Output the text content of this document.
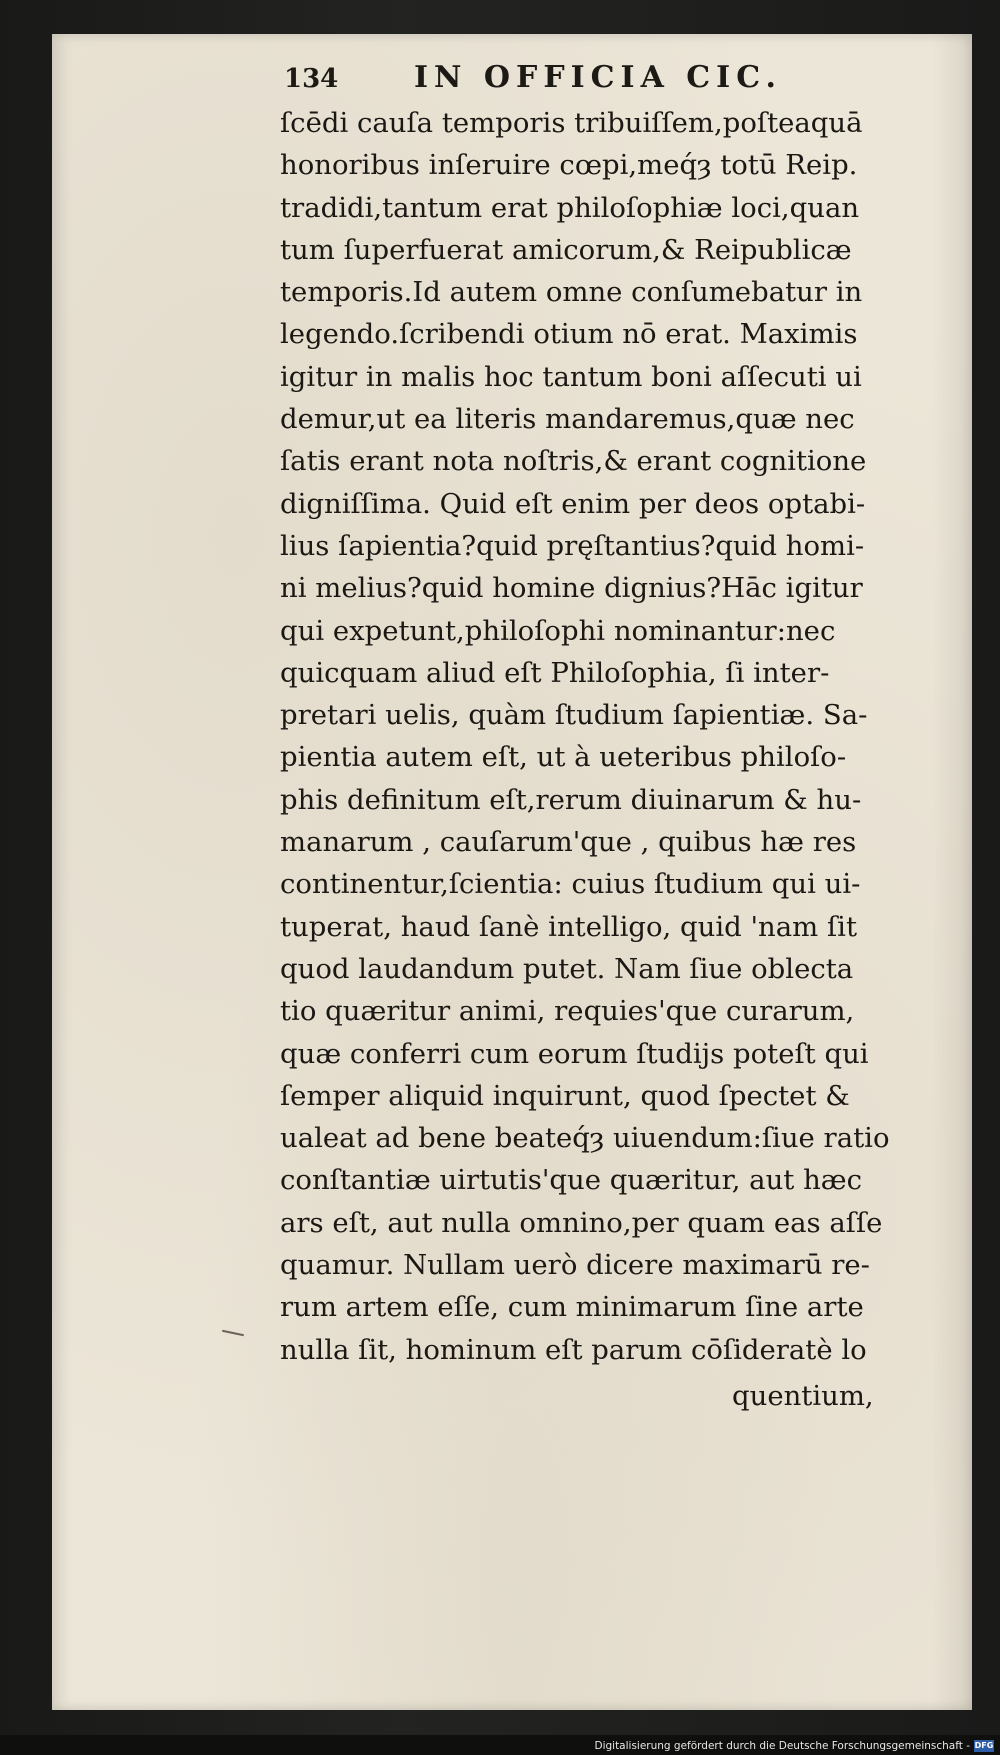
134	IN OFFICIA CIC.
ſcēdi cauſa temporis tribuiſſem,poſteaquā
honoribus inſeruire cœpi,meq́ȝ totū Reip.
tradidi,tantum erat philoſophiæ loci,quan
tum ſuperfuerat amicorum,& Reipublicæ
temporis.Id autem omne conſumebatur in
legendo.ſcribendi otium nō erat. Maximis
igitur in malis hoc tantum boni aſſecuti ui
demur,ut ea literis mandaremus,quæ nec
ſatis erant nota noſtris,& erant cognitione
digniſſima. Quid eſt enim per deos optabi-
lius ſapientia?quid pręſtantius?quid homi-
ni melius?quid homine dignius?Hāc igitur
qui expetunt,philoſophi nominantur:nec
quicquam aliud eſt Philoſophia, ſi inter-
pretari uelis, quàm ſtudium ſapientiæ. Sa-
pientia autem eſt, ut à ueteribus philoſo-
phis definitum eſt,rerum diuinarum & hu-
manarum , cauſarum'que , quibus hæ res
continentur,ſcientia: cuius ſtudium qui ui-
tuperat, haud ſanè intelligo, quid 'nam ſit
quod laudandum putet. Nam ſiue oblecta
tio quæritur animi, requies'que curarum,
quæ conferri cum eorum ſtudijs poteſt qui
ſemper aliquid inquirunt, quod ſpectet &
ualeat ad bene beateq́ȝ uiuendum:ſiue ratio
conſtantiæ uirtutis'que quæritur, aut hæc
ars eſt, aut nulla omnino,per quam eas aſſe
quamur. Nullam uerò dicere maximarū re-
rum artem eſſe, cum minimarum ſine arte
nulla ſit, hominum eſt parum cōſideratè lo
quentium,
Digitalisierung gefördert durch die Deutsche Forschungsgemeinschaft - DFG
